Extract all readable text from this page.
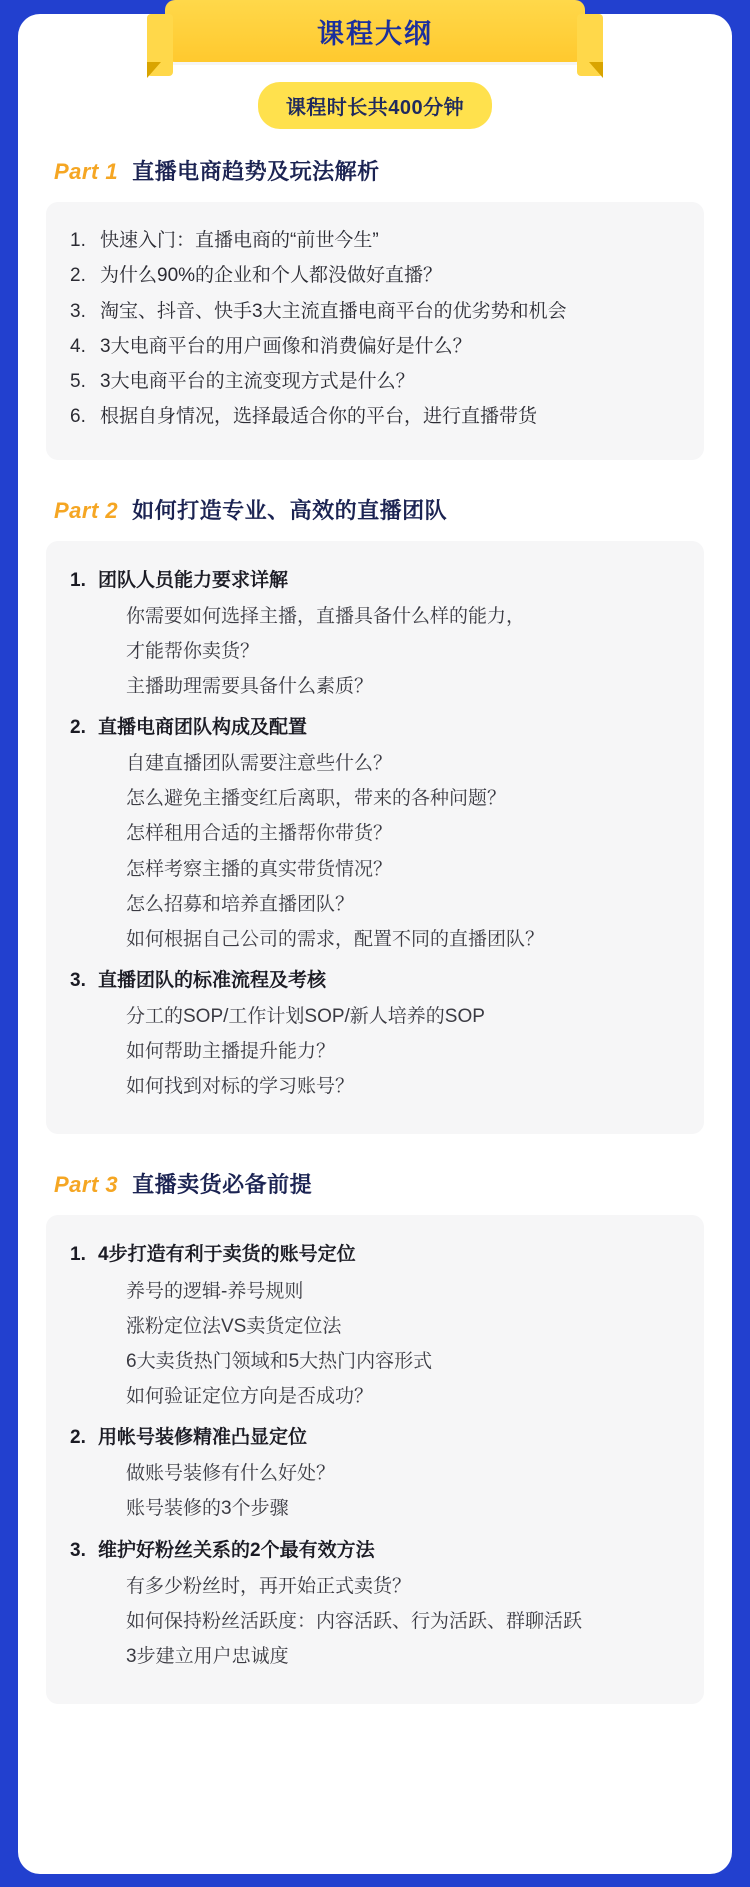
课程大纲
课程时长共400分钟
Part 1 直播电商趋势及玩法解析
1. 快速入门：直播电商的“前世今生”
2. 为什么90%的企业和个人都没做好直播？
3. 淘宝、抖音、快手3大主流直播电商平台的优劣势和机会
4. 3大电商平台的用户画像和消费偏好是什么？
5. 3大电商平台的主流变现方式是什么？
6. 根据自身情况，选择最适合你的平台，进行直播带货
Part 2 如何打造专业、高效的直播团队
1. 团队人员能力要求详解
你需要如何选择主播，直播具备什么样的能力，
才能帮你卖货？
主播助理需要具备什么素质？
2. 直播电商团队构成及配置
自建直播团队需要注意些什么？
怎么避免主播变红后离职，带来的各种问题？
怎样租用合适的主播帮你带货？
怎样考察主播的真实带货情况？
怎么招募和培养直播团队？
如何根据自己公司的需求，配置不同的直播团队？
3. 直播团队的标准流程及考核
分工的SOP/工作计划SOP/新人培养的SOP
如何帮助主播提升能力？
如何找到对标的学习账号？
Part 3 直播卖货必备前提
1. 4步打造有利于卖货的账号定位
养号的逻辑-养号规则
涨粉定位法VS卖货定位法
6大卖货热门领域和5大热门内容形式
如何验证定位方向是否成功？
2. 用帐号装修精准凸显定位
做账号装修有什么好处？
账号装修的3个步骤
3. 维护好粉丝关系的2个最有效方法
有多少粉丝时，再开始正式卖货？
如何保持粉丝活跃度：内容活跃、行为活跃、群聊活跃
3步建立用户忠诚度
